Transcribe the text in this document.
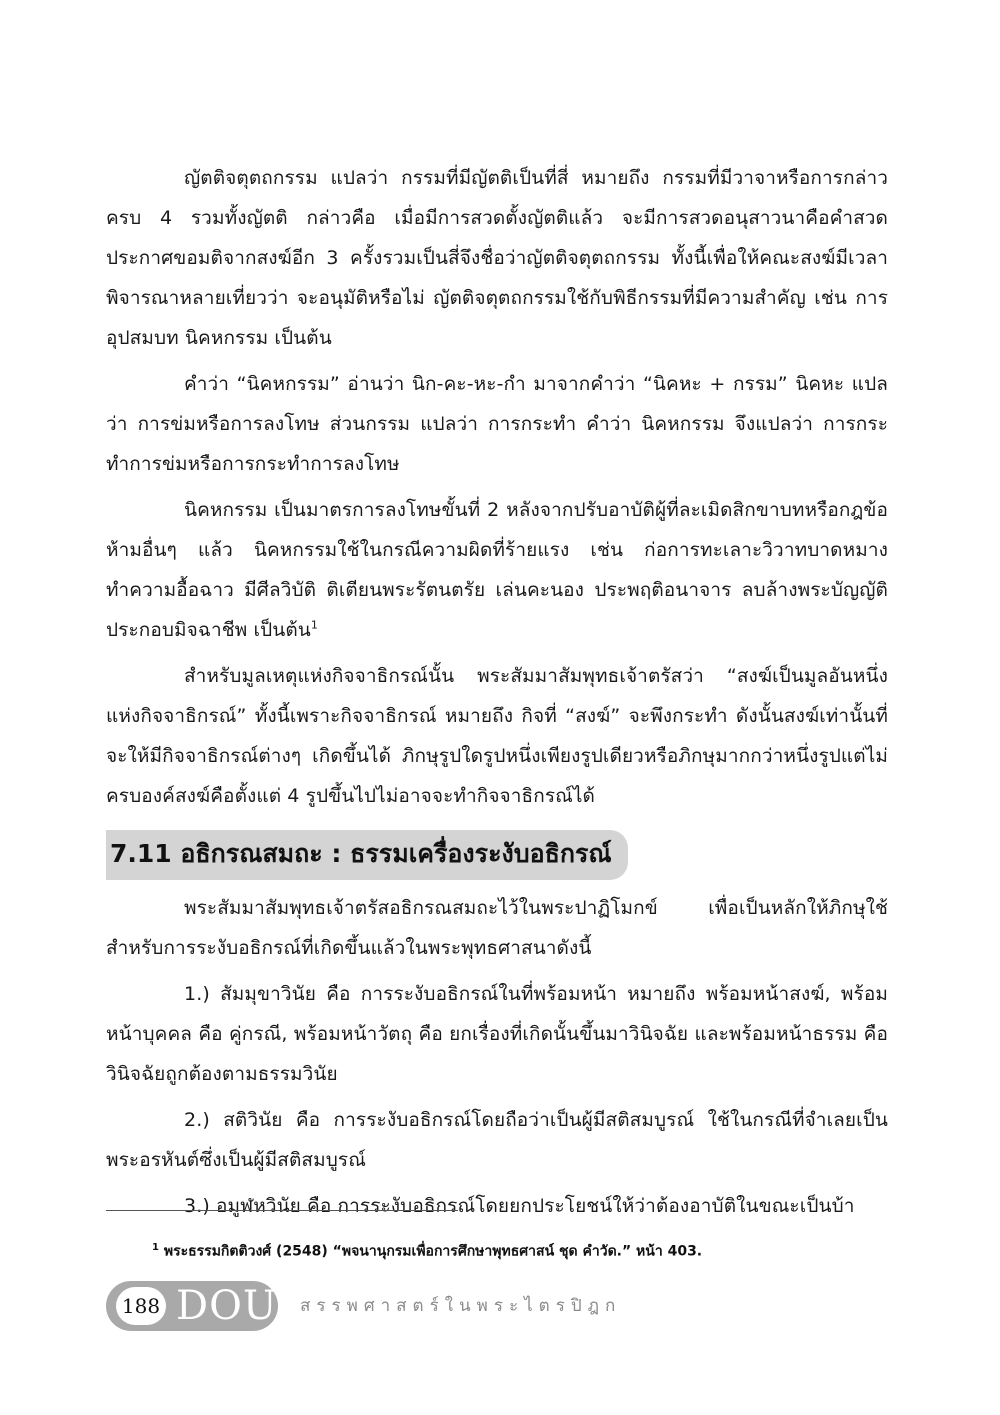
ญัตติจตุตถกรรม แปลว่า กรรมที่มีญัตติเป็นที่สี่ หมายถึง กรรมที่มีวาจาหรือการกล่าวครบ 4 รวมทั้งญัตติ กล่าวคือ เมื่อมีการสวดตั้งญัตติแล้ว จะมีการสวดอนุสาวนาคือคำสวดประกาศขอมติจากสงฆ์อีก 3 ครั้งรวมเป็นสี่จึงชื่อว่าญัตติจตุตถกรรม ทั้งนี้เพื่อให้คณะสงฆ์มีเวลาพิจารณาหลายเที่ยวว่า จะอนุมัติหรือไม่ ญัตติจตุตถกรรมใช้กับพิธีกรรมที่มีความสำคัญ เช่น การอุปสมบท นิคหกรรม เป็นต้น

คำว่า “นิคหกรรม” อ่านว่า นิก-คะ-หะ-กำ มาจากคำว่า “นิคหะ + กรรม” นิคหะ แปลว่า การข่มหรือการลงโทษ ส่วนกรรม แปลว่า การกระทำ คำว่า นิคหกรรม จึงแปลว่า การกระทำการข่มหรือการกระทำการลงโทษ

นิคหกรรม เป็นมาตรการลงโทษขั้นที่ 2 หลังจากปรับอาบัติผู้ที่ละเมิดสิกขาบทหรือกฎข้อห้ามอื่นๆ แล้ว นิคหกรรมใช้ในกรณีความผิดที่ร้ายแรง เช่น ก่อการทะเลาะวิวาทบาดหมาง ทำความอื้อฉาว มีศีลวิบัติ ติเตียนพระรัตนตรัย เล่นคะนอง ประพฤติอนาจาร ลบล้างพระบัญญัติ ประกอบมิจฉาชีพ เป็นต้น$^1$

สำหรับมูลเหตุแห่งกิจจาธิกรณ์นั้น พระสัมมาสัมพุทธเจ้าตรัสว่า “สงฆ์เป็นมูลอันหนึ่งแห่งกิจจาธิกรณ์” ทั้งนี้เพราะกิจจาธิกรณ์ หมายถึง กิจที่ “สงฆ์” จะพึงกระทำ ดังนั้นสงฆ์เท่านั้นที่จะให้มีกิจจาธิกรณ์ต่างๆ เกิดขึ้นได้ ภิกษุรูปใดรูปหนึ่งเพียงรูปเดียวหรือภิกษุมากกว่าหนึ่งรูปแต่ไม่ครบองค์สงฆ์คือตั้งแต่ 4 รูปขึ้นไปไม่อาจจะทำกิจจาธิกรณ์ได้

7.11 อธิกรณสมถะ : ธรรมเครื่องระงับอธิกรณ์

พระสัมมาสัมพุทธเจ้าตรัสอธิกรณสมถะไว้ในพระปาฏิโมกข์ เพื่อเป็นหลักให้ภิกษุใช้สำหรับการระงับอธิกรณ์ที่เกิดขึ้นแล้วในพระพุทธศาสนาดังนี้

1.) สัมมุขาวินัย คือ การระงับอธิกรณ์ในที่พร้อมหน้า หมายถึง พร้อมหน้าสงฆ์, พร้อมหน้าบุคคล คือ คู่กรณี, พร้อมหน้าวัตถุ คือ ยกเรื่องที่เกิดนั้นขึ้นมาวินิจฉัย และพร้อมหน้าธรรม คือ วินิจฉัยถูกต้องตามธรรมวินัย

2.) สติวินัย คือ การระงับอธิกรณ์โดยถือว่าเป็นผู้มีสติสมบูรณ์ ใช้ในกรณีที่จำเลยเป็นพระอรหันต์ซึ่งเป็นผู้มีสติสมบูรณ์

3.) อมูฬหวินัย คือ การระงับอธิกรณ์โดยยกประโยชน์ให้ว่าต้องอาบัติในขณะเป็นบ้า

$^1$ พระธรรมกิตติวงศ์ (2548) “พจนานุกรมเพื่อการศึกษาพุทธศาสน์ ชุด คำวัด.” หน้า 403.
188 DOU สรรพศาสตร์ในพระไตรปิฎก
